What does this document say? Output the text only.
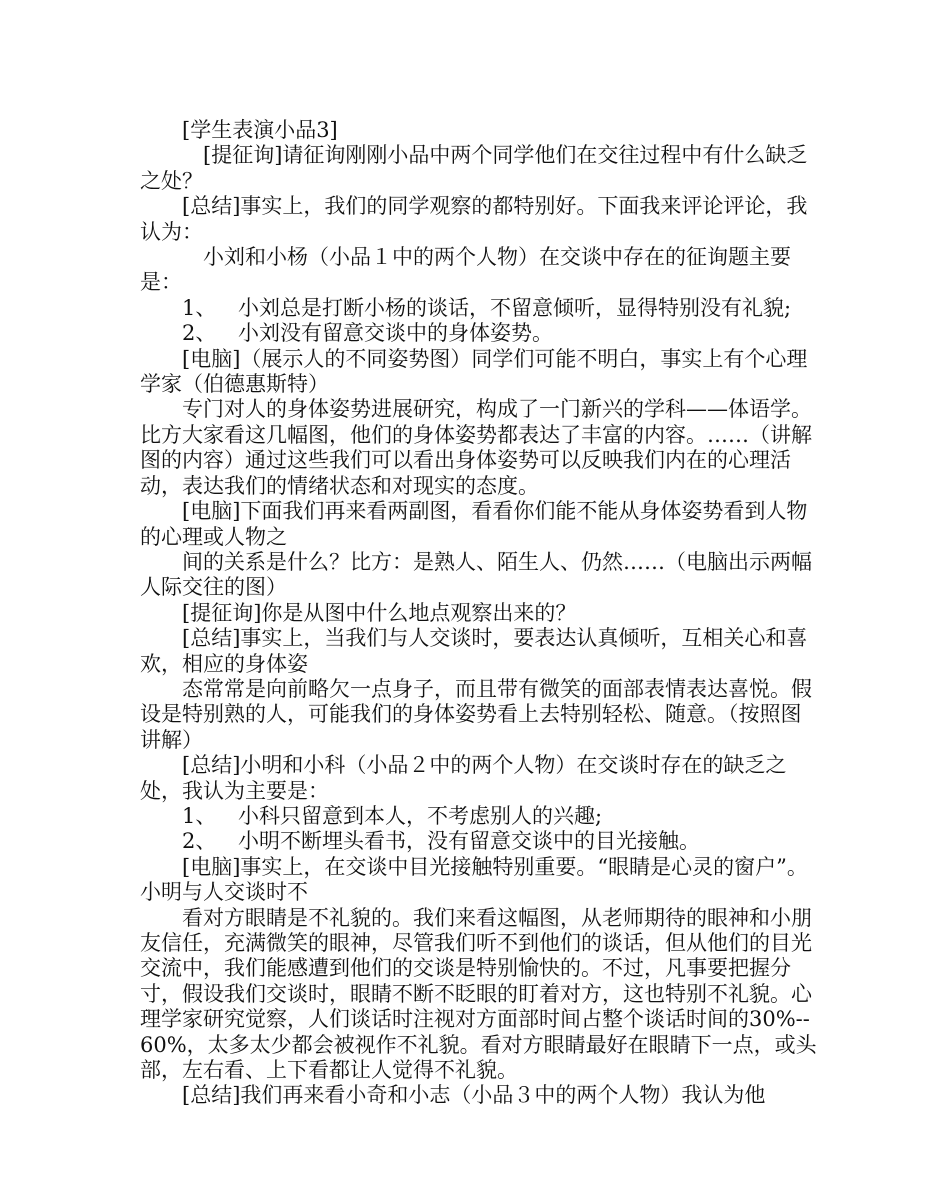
[学生表演小品3]

[提征询]请征询刚刚小品中两个同学他们在交往过程中有什么缺乏之处？

[总结]事实上，我们的同学观察的都特别好。下面我来评论评论，我认为：

小刘和小杨（小品１中的两个人物）在交谈中存在的征询题主要是：

1、 小刘总是打断小杨的谈话，不留意倾听，显得特别没有礼貌;

2、 小刘没有留意交谈中的身体姿势。

[电脑]（展示人的不同姿势图）同学们可能不明白，事实上有个心理学家（伯德惠斯特）

专门对人的身体姿势进展研究，构成了一门新兴的学科——体语学。比方大家看这几幅图，他们的身体姿势都表达了丰富的内容。……（讲解图的内容）通过这些我们可以看出身体姿势可以反映我们内在的心理活动，表达我们的情绪状态和对现实的态度。

[电脑]下面我们再来看两副图，看看你们能不能从身体姿势看到人物的心理或人物之

间的关系是什么？比方：是熟人、陌生人、仍然……（电脑出示两幅人际交往的图）

[提征询]你是从图中什么地点观察出来的？

[总结]事实上，当我们与人交谈时，要表达认真倾听，互相关心和喜欢，相应的身体姿

态常常是向前略欠一点身子，而且带有微笑的面部表情表达喜悦。假设是特别熟的人，可能我们的身体姿势看上去特别轻松、随意。（按照图讲解）

[总结]小明和小科（小品２中的两个人物）在交谈时存在的缺乏之处，我认为主要是：

1、 小科只留意到本人，不考虑别人的兴趣;

2、 小明不断埋头看书，没有留意交谈中的目光接触。

[电脑]事实上，在交谈中目光接触特别重要。“眼睛是心灵的窗户”。小明与人交谈时不

看对方眼睛是不礼貌的。我们来看这幅图，从老师期待的眼神和小朋友信任，充满微笑的眼神，尽管我们听不到他们的谈话，但从他们的目光交流中，我们能感遭到他们的交谈是特别愉快的。不过，凡事要把握分寸，假设我们交谈时，眼睛不断不眨眼的盯着对方，这也特别不礼貌。心理学家研究觉察，人们谈话时注视对方面部时间占整个谈话时间的30%--60%，太多太少都会被视作不礼貌。看对方眼睛最好在眼睛下一点，或头部，左右看、上下看都让人觉得不礼貌。

[总结]我们再来看小奇和小志（小品３中的两个人物）我认为他
